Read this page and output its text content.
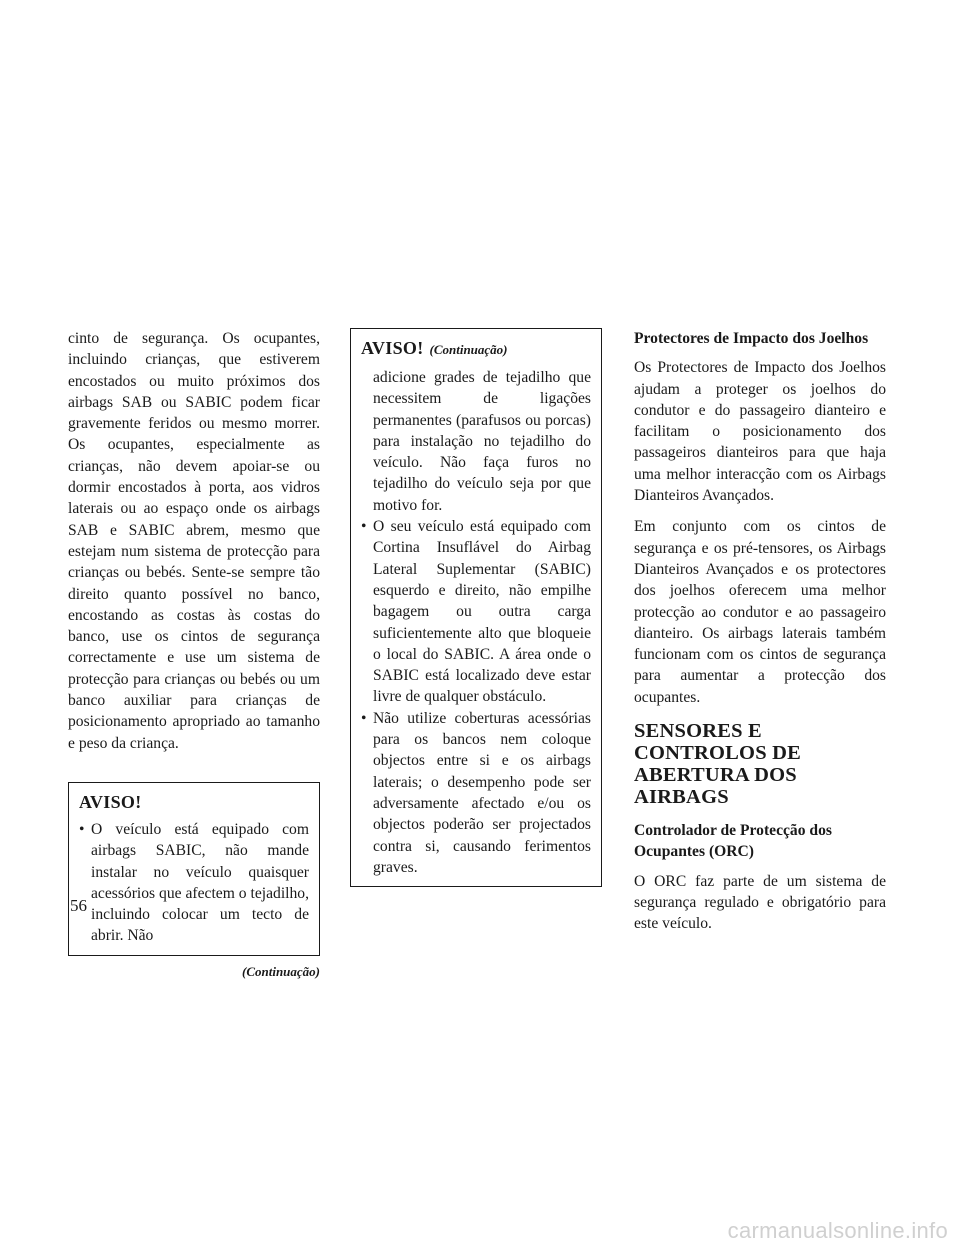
cinto de segurança. Os ocupantes, incluindo crianças, que estiverem encostados ou muito próximos dos airbags SAB ou SABIC podem ficar gravemente feridos ou mesmo morrer. Os ocupantes, especialmente as crianças, não devem apoiar-se ou dormir encostados à porta, aos vidros laterais ou ao espaço onde os airbags SAB e SABIC abrem, mesmo que estejam num sistema de protecção para crianças ou bebés. Sente-se sempre tão direito quanto possível no banco, encostando as costas às costas do banco, use os cintos de segurança correctamente e use um sistema de protecção para crianças ou bebés ou um banco auxiliar para crianças de posicionamento apropriado ao tamanho e peso da criança.

AVISO!
• O veículo está equipado com airbags SABIC, não mande instalar no veículo quaisquer acessórios que afectem o tejadilho, incluindo colocar um tecto de abrir. Não

(Continuação)
AVISO! (Continuação)

adicione grades de tejadilho que necessitem de ligações permanentes (parafusos ou porcas) para instalação no tejadilho do veículo. Não faça furos no tejadilho do veículo seja por que motivo for.

• O seu veículo está equipado com Cortina Insuflável do Airbag Lateral Suplementar (SABIC) esquerdo e direito, não empilhe bagagem ou outra carga suficientemente alto que bloqueie o local do SABIC. A área onde o SABIC está localizado deve estar livre de qualquer obstáculo.

• Não utilize coberturas acessórias para os bancos nem coloque objectos entre si e os airbags laterais; o desempenho pode ser adversamente afectado e/ou os objectos poderão ser projectados contra si, causando ferimentos graves.

Protectores de Impacto dos Joelhos

Os Protectores de Impacto dos Joelhos ajudam a proteger os joelhos do condutor e do passageiro dianteiro e facilitam o posicionamento dos passageiros dianteiros para que haja uma melhor interacção com os Airbags Dianteiros Avançados.

Em conjunto com os cintos de segurança e os pré-tensores, os Airbags Dianteiros Avançados e os protectores dos joelhos oferecem uma melhor protecção ao condutor e ao passageiro dianteiro. Os airbags laterais também funcionam com os cintos de segurança para aumentar a protecção dos ocupantes.

SENSORES E CONTROLOS DE ABERTURA DOS AIRBAGS
Controlador de Protecção dos Ocupantes (ORC)

O ORC faz parte de um sistema de segurança regulado e obrigatório para este veículo.

56
carmanualsonline.info
